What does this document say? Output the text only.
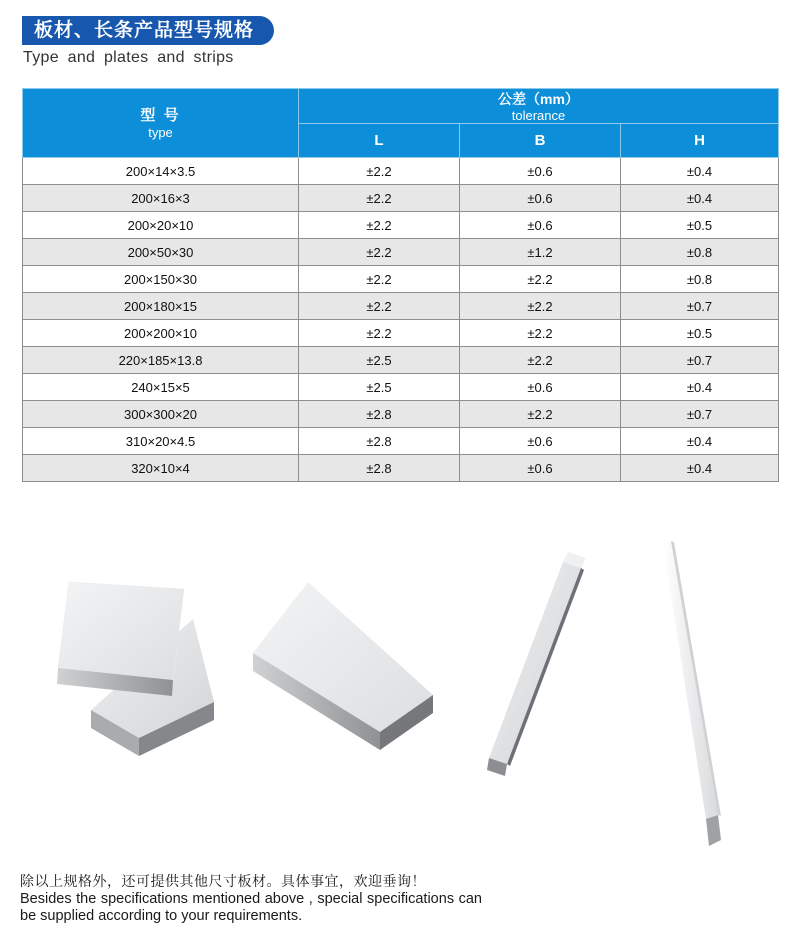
板材、长条产品型号规格
Type and plates and strips
型 号
type

公差（mm）
tolerance

	L	B	H
200×14×3.5	±2.2	±0.6	±0.4
200×16×3	±2.2	±0.6	±0.4
200×20×10	±2.2	±0.6	±0.5
200×50×30	±2.2	±1.2	±0.8
200×150×30	±2.2	±2.2	±0.8
200×180×15	±2.2	±2.2	±0.7
200×200×10	±2.2	±2.2	±0.5
220×185×13.8	±2.5	±2.2	±0.7
240×15×5	±2.5	±0.6	±0.4
300×300×20	±2.8	±2.2	±0.7
310×20×4.5	±2.8	±0.6	±0.4
320×10×4	±2.8	±0.6	±0.4
除以上规格外，还可提供其他尺寸板材。具体事宜，欢迎垂询！

Besides the specifications mentioned above , special specifications can be supplied according to your requirements.
